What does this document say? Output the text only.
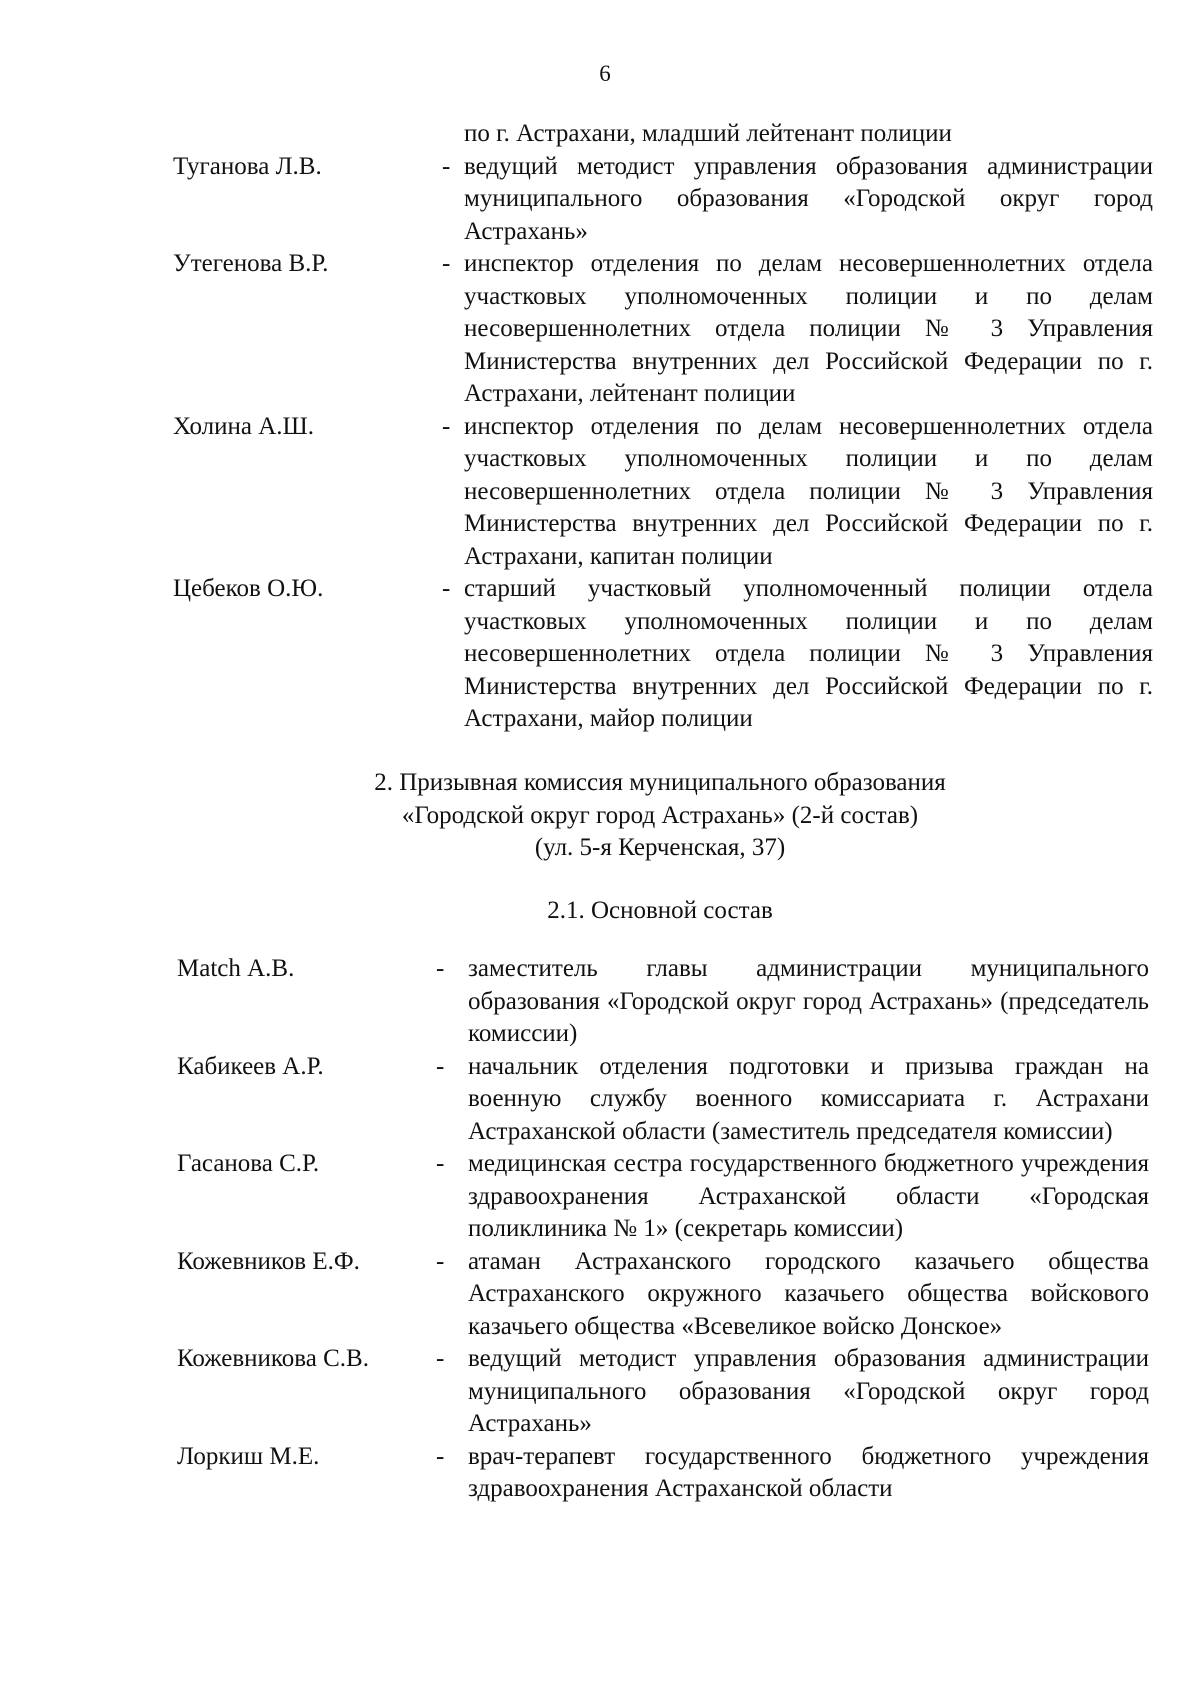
6

по г. Астрахани, младший лейтенант полиции

Туганова Л.В.	- ведущий методист управления образования администрации муниципального образования «Городской округ город Астрахань»

Утегенова В.Р.	- инспектор отделения по делам несовершеннолетних отдела участковых уполномоченных полиции и по делам несовершеннолетних отдела полиции № 3 Управления Министерства внутренних дел Российской Федерации по г. Астрахани, лейтенант полиции

Холина А.Ш.	- инспектор отделения по делам несовершеннолетних отдела участковых уполномоченных полиции и по делам несовершеннолетних отдела полиции № 3 Управления Министерства внутренних дел Российской Федерации по г. Астрахани, капитан полиции

Цебеков О.Ю.	- старший участковый уполномоченный полиции отдела участковых уполномоченных полиции и по делам несовершеннолетних отдела полиции № 3 Управления Министерства внутренних дел Российской Федерации по г. Астрахани, майор полиции

2. Призывная комиссия муниципального образования
«Городской округ город Астрахань» (2-й состав)
(ул. 5-я Керченская, 37)
2.1. Основной состав
Match А.В.	- заместитель главы администрации муниципального образования «Городской округ город Астрахань» (председатель комиссии)

Кабикеев А.Р.	- начальник отделения подготовки и призыва граждан на военную службу военного комиссариата г. Астрахани Астраханской области (заместитель председателя комиссии)

Гасанова С.Р.	- медицинская сестра государственного бюджетного учреждения здравоохранения Астраханской области «Городская поликлиника № 1» (секретарь комиссии)

Кожевников Е.Ф.	- атаман Астраханского городского казачьего общества Астраханского окружного казачьего общества войскового казачьего общества «Всевеликое войско Донское»

Кожевникова С.В.	- ведущий методист управления образования администрации муниципального образования «Городской округ город Астрахань»

Лоркиш М.Е.	- врач-терапевт государственного бюджетного учреждения здравоохранения Астраханской области
